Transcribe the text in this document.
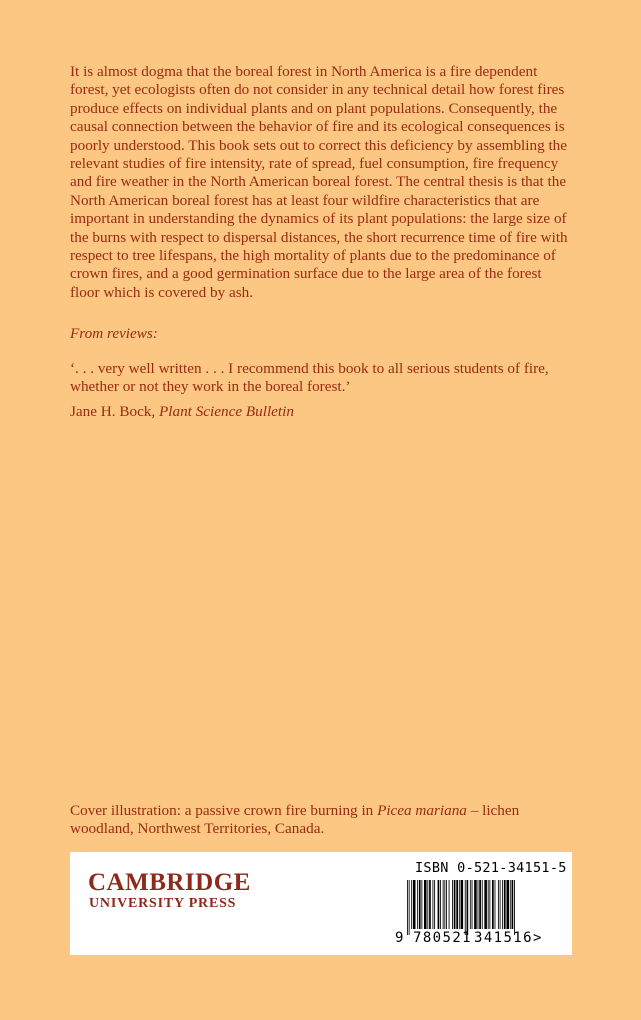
It is almost dogma that the boreal forest in North America is a fire dependent forest, yet ecologists often do not consider in any technical detail how forest fires produce effects on individual plants and on plant populations. Consequently, the causal connection between the behavior of fire and its ecological consequences is poorly understood. This book sets out to correct this deficiency by assembling the relevant studies of fire intensity, rate of spread, fuel consumption, fire frequency and fire weather in the North American boreal forest. The central thesis is that the North American boreal forest has at least four wildfire characteristics that are important in understanding the dynamics of its plant populations: the large size of the burns with respect to dispersal distances, the short recurrence time of fire with respect to tree lifespans, the high mortality of plants due to the predominance of crown fires, and a good germination surface due to the large area of the forest floor which is covered by ash.

From reviews:

‘. . . very well written . . . I recommend this book to all serious students of fire, whether or not they work in the boreal forest.’

Jane H. Bock, Plant Science Bulletin

Cover illustration: a passive crown fire burning in Picea mariana – lichen woodland, Northwest Territories, Canada.

CAMBRIDGE
UNIVERSITY PRESS
ISBN 0-521-34151-5
9 780521 341516 >
